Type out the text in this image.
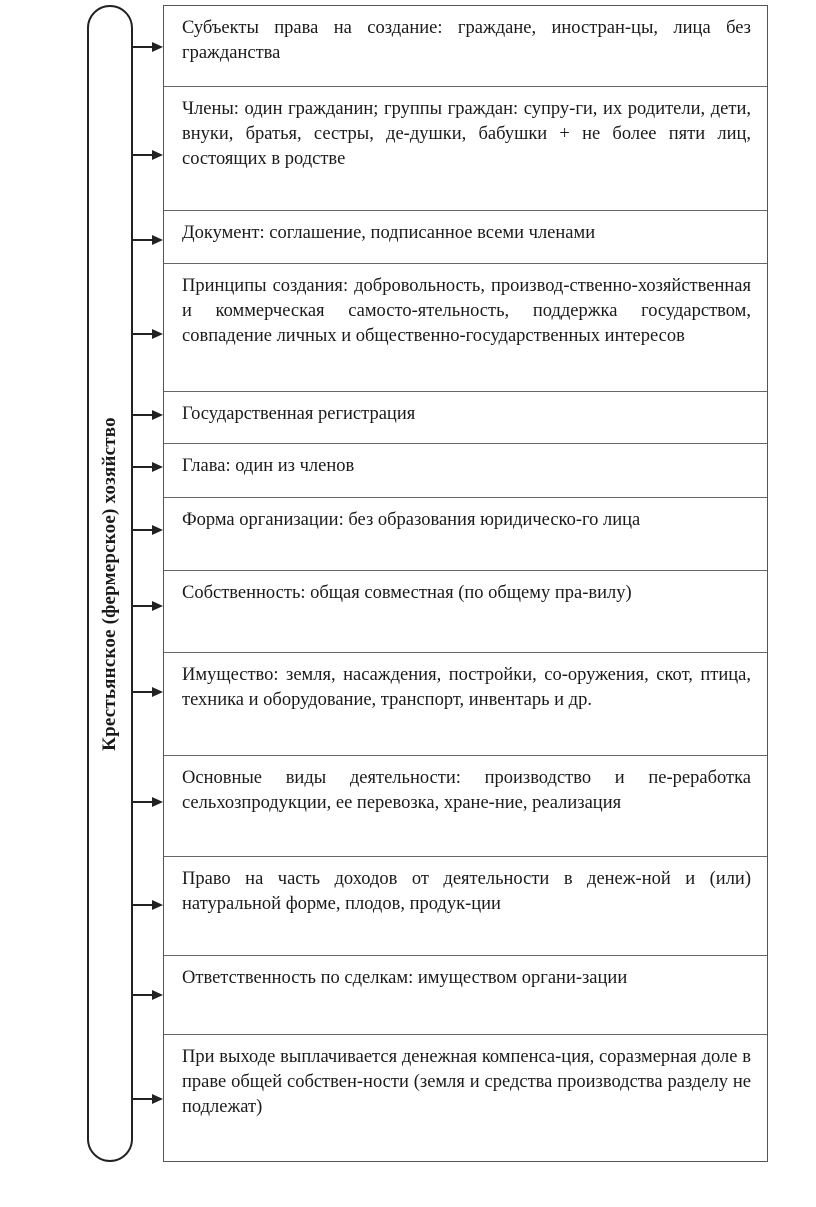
Крестьянское (фермерское) хозяйство
Субъекты права на создание: граждане, иностран-цы, лица без гражданства
Члены: один гражданин; группы граждан: супру-ги, их родители, дети, внуки, братья, сестры, де-душки, бабушки + не более пяти лиц, состоящих в родстве
Документ: соглашение, подписанное всеми членами
Принципы создания: добровольность, производ-ственно-хозяйственная и коммерческая самосто-ятельность, поддержка государством, совпадение личных и общественно-государственных интересов
Государственная регистрация
Глава: один из членов
Форма организации: без образования юридическо-го лица
Собственность: общая совместная (по общему пра-вилу)
Имущество: земля, насаждения, постройки, со-оружения, скот, птица, техника и оборудование, транспорт, инвентарь и др.
Основные виды деятельности: производство и пе-реработка сельхозпродукции, ее перевозка, хране-ние, реализация
Право на часть доходов от деятельности в денеж-ной и (или) натуральной форме, плодов, продук-ции
Ответственность по сделкам: имуществом органи-зации
При выходе выплачивается денежная компенса-ция, соразмерная доле в праве общей собствен-ности (земля и средства производства разделу не подлежат)
